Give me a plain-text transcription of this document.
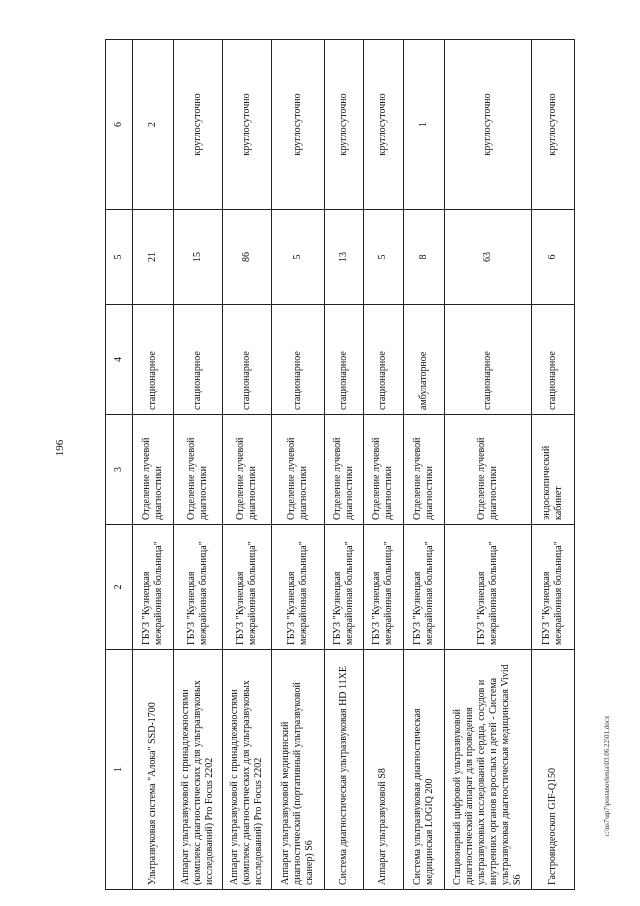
196
1	2	3	4	5	6
Ультразвуковая система "Алока" SSD-1700	ГБУЗ "Кузнецкая межрайонная больница"	Отделение лучевой диагностики	стационарное	21	2
Аппарат ультразвуковой с принадлежностями (комплекс диагностических для ультразвуковых исследований) Pro Focus 2202	ГБУЗ "Кузнецкая межрайонная больница"	Отделение лучевой диагностики	стационарное	15	круглосуточно
Аппарат ультразвуковой с принадлежностями (комплекс диагностических для ультразвуковых исследований) Pro Focus 2202	ГБУЗ "Кузнецкая межрайонная больница"	Отделение лучевой диагностики	стационарное	86	круглосуточно
Аппарат ультразвуковой медицинский диагностический (портативный ультразвуковой сканер) S6	ГБУЗ "Кузнецкая межрайонная больница"	Отделение лучевой диагностики	стационарное	5	круглосуточно
Система диагностическая ультразвуковая HD 11XE	ГБУЗ "Кузнецкая межрайонная больница"	Отделение лучевой диагностики	стационарное	13	круглосуточно
Аппарат ультразвуковой S8	ГБУЗ "Кузнецкая межрайонная больница"	Отделение лучевой диагностики	стационарное	5	круглосуточно
Система ультразвуковая диагностическая медицинская LOGIQ 200	ГБУЗ "Кузнецкая межрайонная больница"	Отделение лучевой диагностики	амбулаторное	8	1
Стационарный цифровой ультразвуковой диагностический аппарат для проведения ультразвуковых исследований сердца, сосудов и внутренних органов взрослых и детей - Система ультразвуковая диагностическая медицинская Vivid S6	ГБУЗ "Кузнецкая межрайонная больница"	Отделение лучевой диагностики	стационарное	63	круглосуточно
Гастровидеоскоп GIF-Q150	ГБУЗ "Кузнецкая межрайонная больница"	эндоскопический кабинет	стационарное	6	круглосуточно
c:\ns7\up7\postanovlenia\03.06.22\01.docx
